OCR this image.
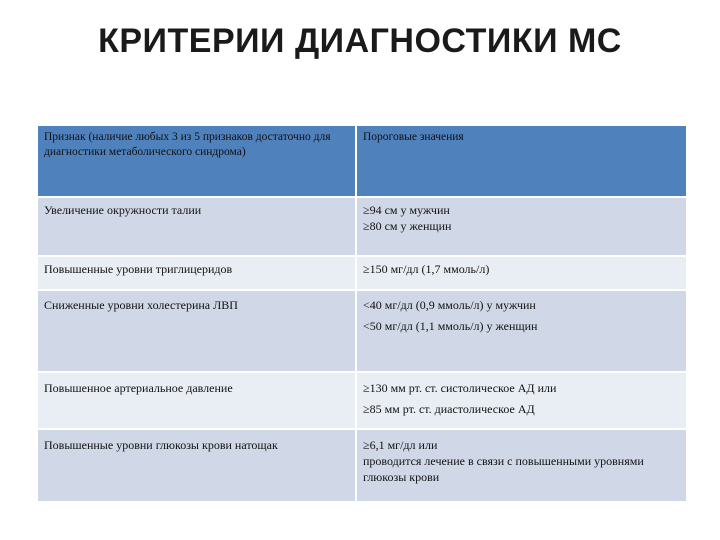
КРИТЕРИИ ДИАГНОСТИКИ МС
Признак (наличие любых 3 из 5 признаков достаточно для диагностики метаболического синдрома)	Пороговые значения
Увеличение окружности талии	≥94 см у мужчин
≥80 см у женщин

Повышенные уровни триглицеридов	≥150 мг/дл (1,7 ммоль/л)

Сниженные уровни холестерина ЛВП	<40 мг/дл (0,9 ммоль/л) у мужчин
<50 мг/дл (1,1 ммоль/л) у женщин

Повышенное артериальное давление	≥130 мм рт. ст. систолическое АД или
≥85 мм рт. ст. диастолическое АД

Повышенные уровни глюкозы крови натощак	≥6,1 мг/дл или
проводится лечение в связи с повышенными уровнями глюкозы крови
